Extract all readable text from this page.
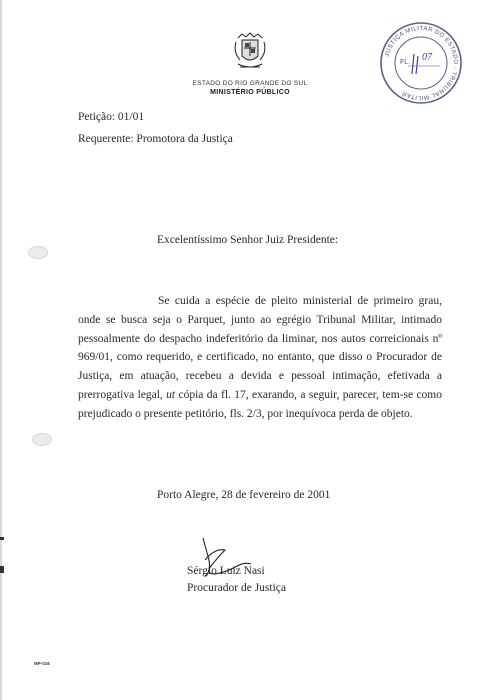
ESTADO DO RIO GRANDE DO SUL
MINISTÉRIO PÚBLICO
JUSTIÇA MILITAR DO ESTADO · TRIBUNAL MILITAR
FL. 07
Petição: 01/01
Requerente: Promotora da Justiça
Excelentíssimo Senhor Juiz Presidente:
Se cuida a espécie de pleito ministerial de primeiro grau, onde se busca seja o Parquet, junto ao egrégio Tribunal Militar, intimado pessoalmente do despacho indeferitório da liminar, nos autos correicionais nº 969/01, como requerido, e certificado, no entanto, que disso o Procurador de Justiça, em atuação, recebeu a devida e pessoal intimação, efetivada a prerrogativa legal, ut cópia da fl. 17, exarando, a seguir, parecer, tem-se como prejudicado o presente petitório, fls. 2/3, por inequívoca perda de objeto.
Porto Alegre, 28 de fevereiro de 2001
Sérgio Luiz Nasi
Procurador de Justiça
MP-016
